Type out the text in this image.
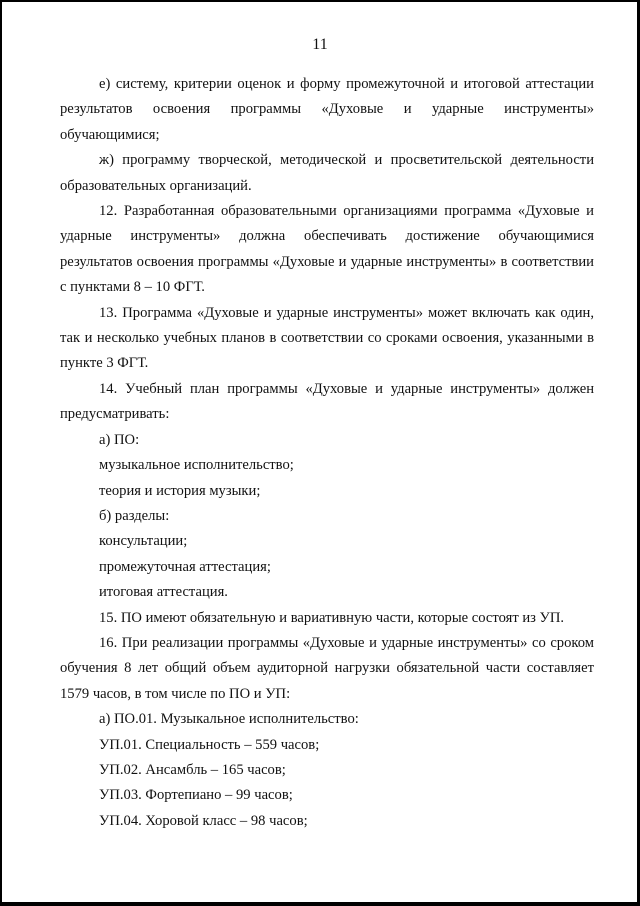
11

е) систему, критерии оценок и форму промежуточной и итоговой аттестации результатов освоения программы «Духовые и ударные инструменты» обучающимися;

ж) программу творческой, методической и просветительской деятельности образовательных организаций.

12. Разработанная образовательными организациями программа «Духовые и ударные инструменты» должна обеспечивать достижение обучающимися результатов освоения программы «Духовые и ударные инструменты» в соответствии с пунктами 8 – 10 ФГТ.

13. Программа «Духовые и ударные инструменты» может включать как один, так и несколько учебных планов в соответствии со сроками освоения, указанными в пункте 3 ФГТ.

14. Учебный план программы «Духовые и ударные инструменты» должен предусматривать:

а) ПО:

музыкальное исполнительство;

теория и история музыки;

б) разделы:

консультации;

промежуточная аттестация;

итоговая аттестация.

15. ПО имеют обязательную и вариативную части, которые состоят из УП.

16. При реализации программы «Духовые и ударные инструменты» со сроком обучения 8 лет общий объем аудиторной нагрузки обязательной части составляет 1579 часов, в том числе по ПО и УП:

а) ПО.01. Музыкальное исполнительство:

УП.01. Специальность – 559 часов;

УП.02. Ансамбль – 165 часов;

УП.03. Фортепиано – 99 часов;

УП.04. Хоровой класс – 98 часов;
